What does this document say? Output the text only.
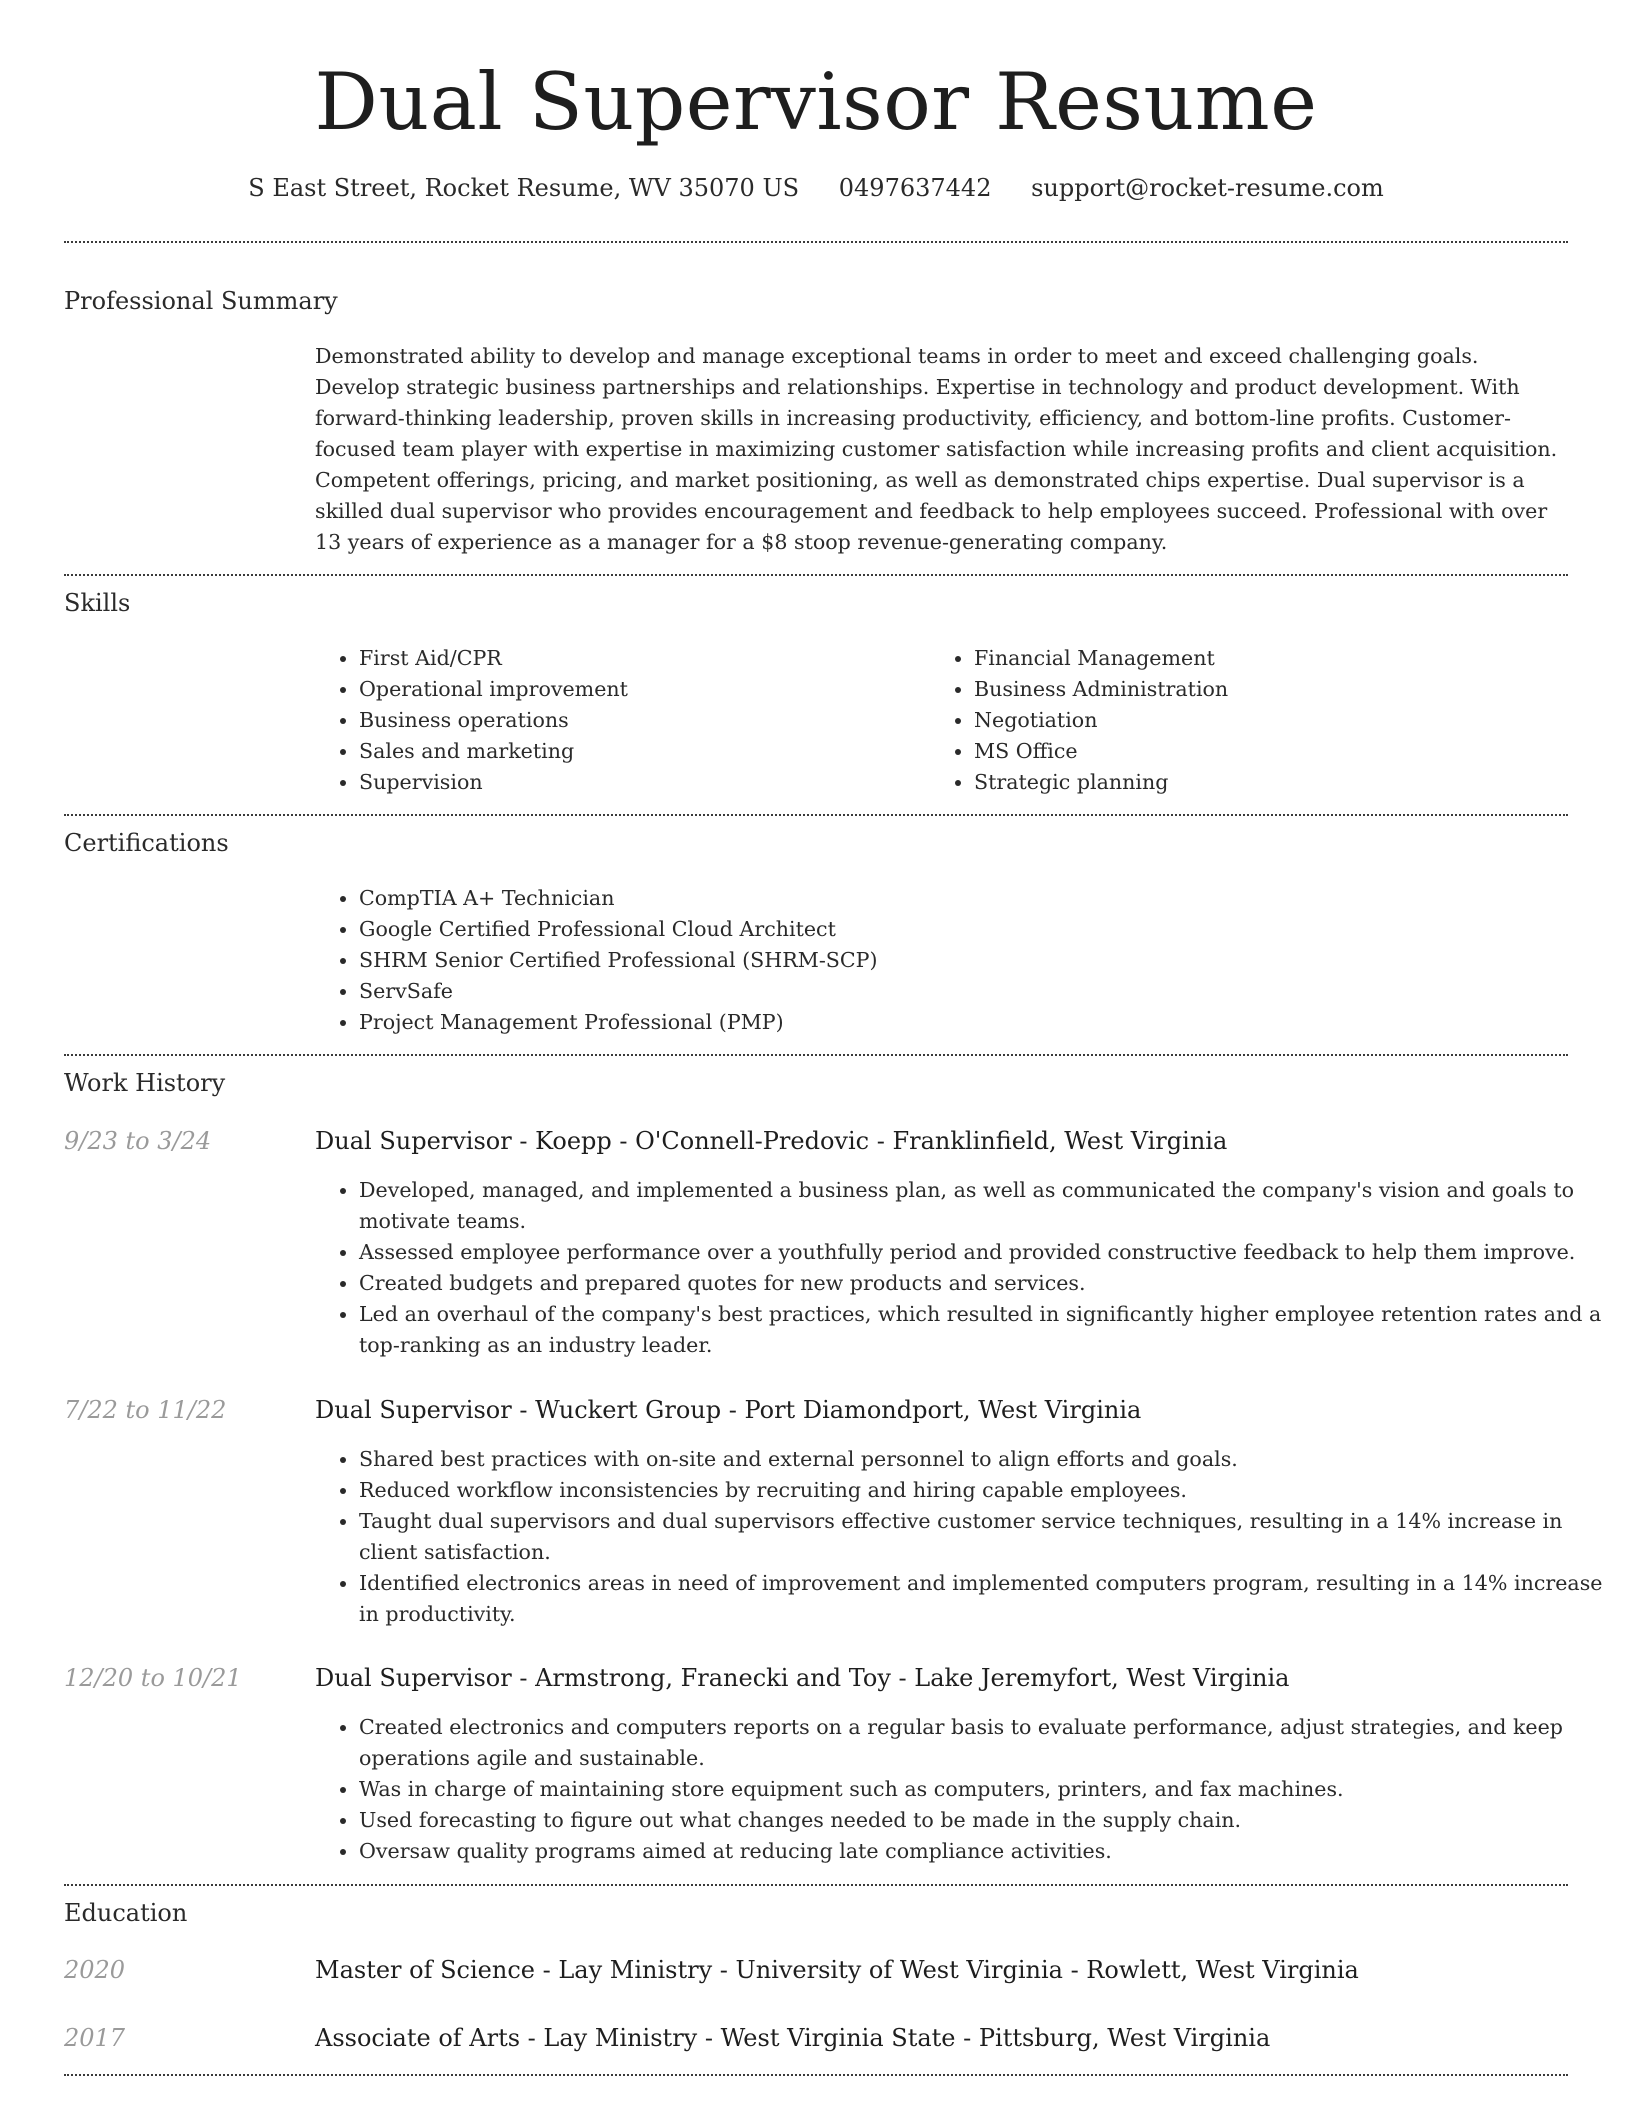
Dual Supervisor Resume
S East Street, Rocket Resume, WV 35070 US 0497637442 support@rocket-resume.com
Professional Summary

Demonstrated ability to develop and manage exceptional teams in order to meet and exceed challenging goals. Develop strategic business partnerships and relationships. Expertise in technology and product development. With forward-thinking leadership, proven skills in increasing productivity, efficiency, and bottom-line profits. Customer-focused team player with expertise in maximizing customer satisfaction while increasing profits and client acquisition. Competent offerings, pricing, and market positioning, as well as demonstrated chips expertise. Dual supervisor is a skilled dual supervisor who provides encouragement and feedback to help employees succeed. Professional with over 13 years of experience as a manager for a $8 stoop revenue-generating company.

Skills
• First Aid/CPR
• Operational improvement
• Business operations
• Sales and marketing
• Supervision
• Financial Management
• Business Administration
• Negotiation
• MS Office
• Strategic planning
Certifications
• CompTIA A+ Technician
• Google Certified Professional Cloud Architect
• SHRM Senior Certified Professional (SHRM-SCP)
• ServSafe
• Project Management Professional (PMP)
Work History
9/23 to 3/24	Dual Supervisor - Koepp - O'Connell-Predovic - Franklinfield, West Virginia
• Developed, managed, and implemented a business plan, as well as communicated the company's vision and goals to motivate teams.
• Assessed employee performance over a youthfully period and provided constructive feedback to help them improve.
• Created budgets and prepared quotes for new products and services.
• Led an overhaul of the company's best practices, which resulted in significantly higher employee retention rates and a top-ranking as an industry leader.
7/22 to 11/22	Dual Supervisor - Wuckert Group - Port Diamondport, West Virginia
• Shared best practices with on-site and external personnel to align efforts and goals.
• Reduced workflow inconsistencies by recruiting and hiring capable employees.
• Taught dual supervisors and dual supervisors effective customer service techniques, resulting in a 14% increase in client satisfaction.
• Identified electronics areas in need of improvement and implemented computers program, resulting in a 14% increase in productivity.
12/20 to 10/21	Dual Supervisor - Armstrong, Franecki and Toy - Lake Jeremyfort, West Virginia
• Created electronics and computers reports on a regular basis to evaluate performance, adjust strategies, and keep operations agile and sustainable.
• Was in charge of maintaining store equipment such as computers, printers, and fax machines.
• Used forecasting to figure out what changes needed to be made in the supply chain.
• Oversaw quality programs aimed at reducing late compliance activities.
Education
2020	Master of Science - Lay Ministry - University of West Virginia - Rowlett, West Virginia
2017	Associate of Arts - Lay Ministry - West Virginia State - Pittsburg, West Virginia
